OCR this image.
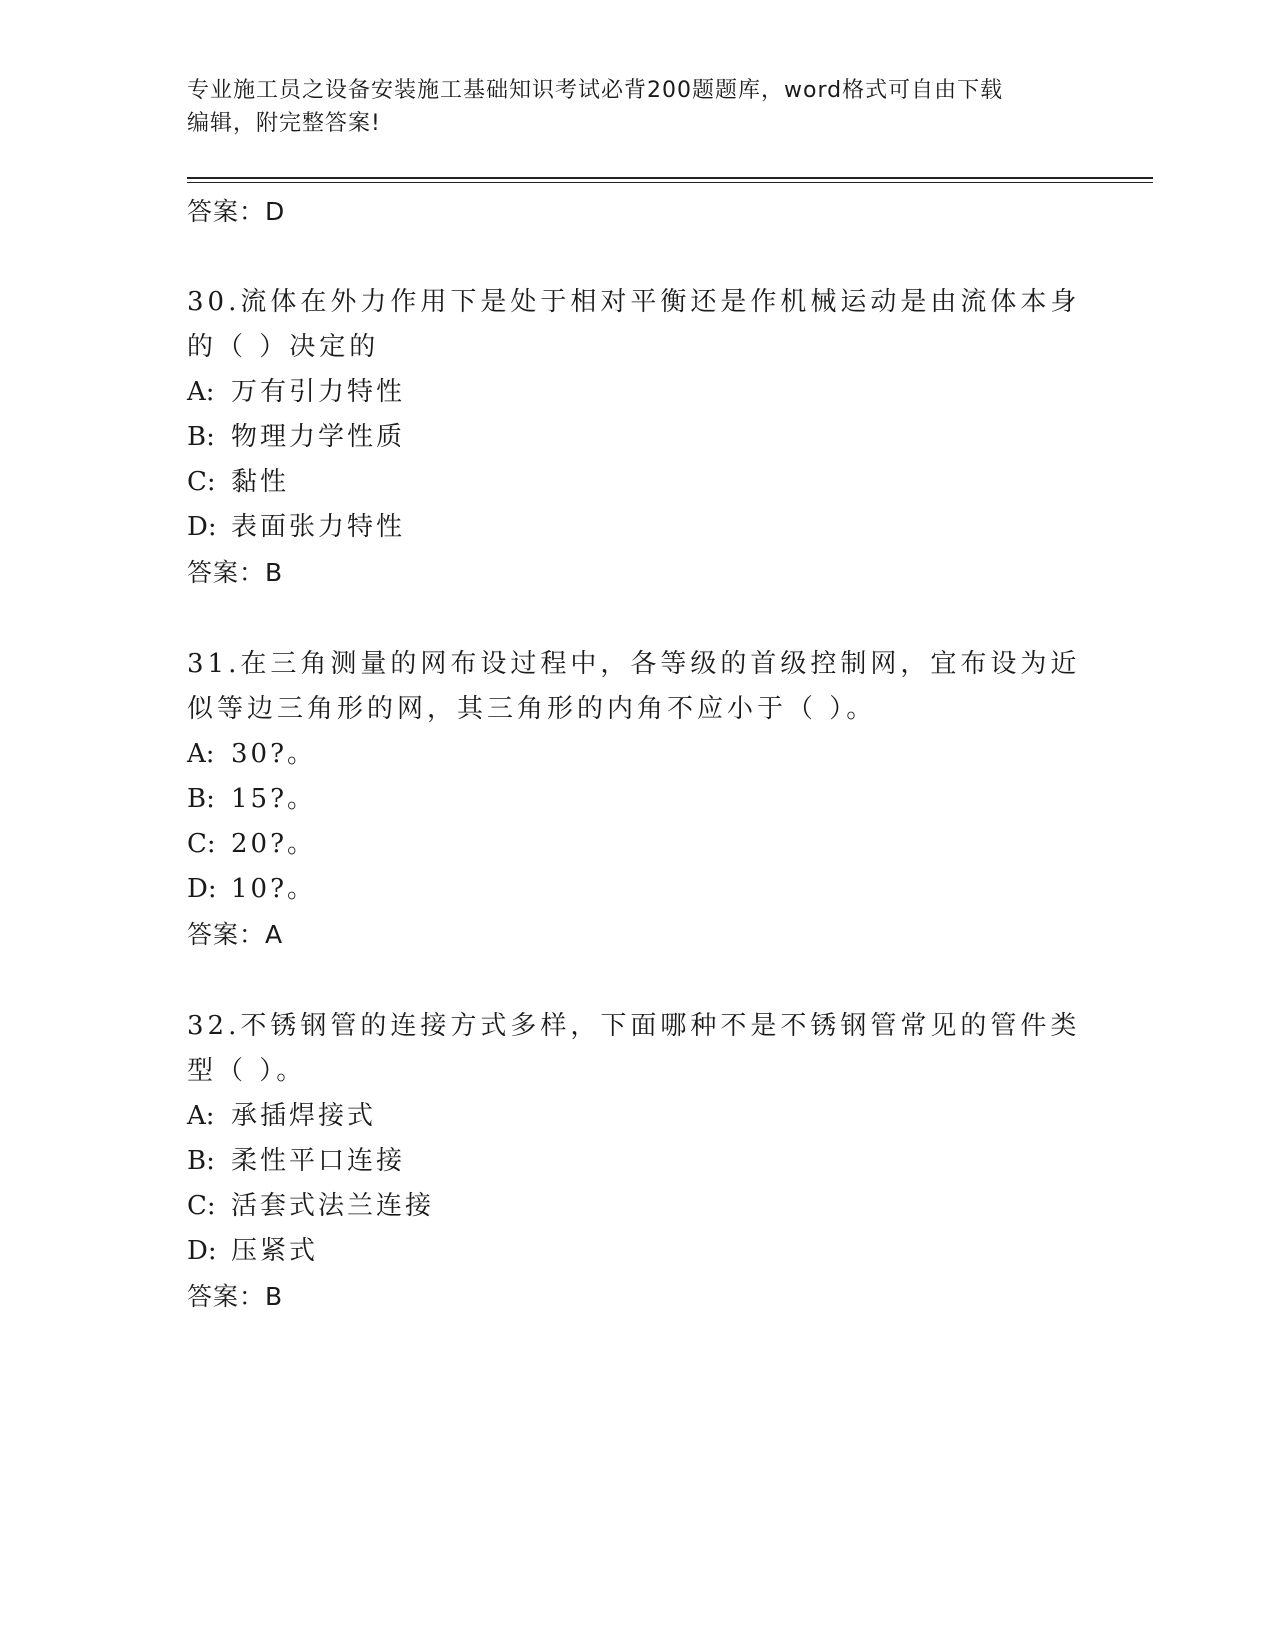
专业施工员之设备安装施工基础知识考试必背200题题库，word格式可自由下载
编辑，附完整答案!
答案：D
30.流体在外力作用下是处于相对平衡还是作机械运动是由流体本身的（ ）决定的
A: 万有引力特性
B: 物理力学性质
C: 黏性
D: 表面张力特性
答案：B
31.在三角测量的网布设过程中，各等级的首级控制网，宜布设为近似等边三角形的网，其三角形的内角不应小于（ ）。
A: 30?。
B: 15?。
C: 20?。
D: 10?。
答案：A
32.不锈钢管的连接方式多样，下面哪种不是不锈钢管常见的管件类型（ ）。
A: 承插焊接式
B: 柔性平口连接
C: 活套式法兰连接
D: 压紧式
答案：B
